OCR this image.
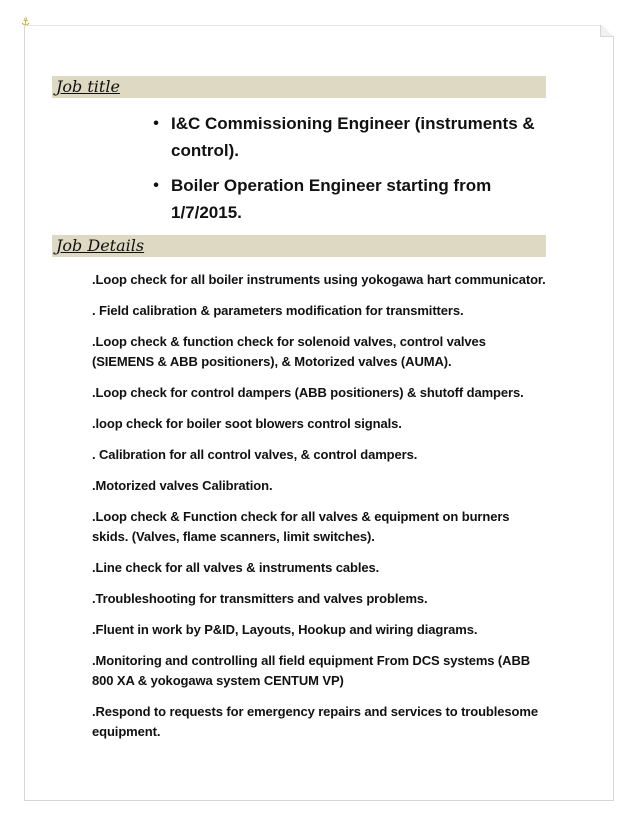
⚓︎
Job title
• I&C Commissioning Engineer (instruments & control).
• Boiler Operation Engineer starting from 1/7/2015.
Job Details
.Loop check for all boiler instruments using yokogawa hart communicator.
. Field calibration & parameters modification for transmitters.
.Loop check & function check for solenoid valves, control valves (SIEMENS & ABB positioners), & Motorized valves (AUMA).
.Loop check for control dampers (ABB positioners) & shutoff dampers.
.loop check for boiler soot blowers control signals.
. Calibration for all control valves, & control dampers.
.Motorized valves Calibration.
.Loop check & Function check for all valves & equipment on burners skids. (Valves, flame scanners, limit switches).
.Line check for all valves & instruments cables.
.Troubleshooting for transmitters and valves problems.
.Fluent in work by P&ID, Layouts, Hookup and wiring diagrams.
.Monitoring and controlling all field equipment From DCS systems (ABB 800 XA & yokogawa system CENTUM VP)
.Respond to requests for emergency repairs and services to troublesome equipment.
